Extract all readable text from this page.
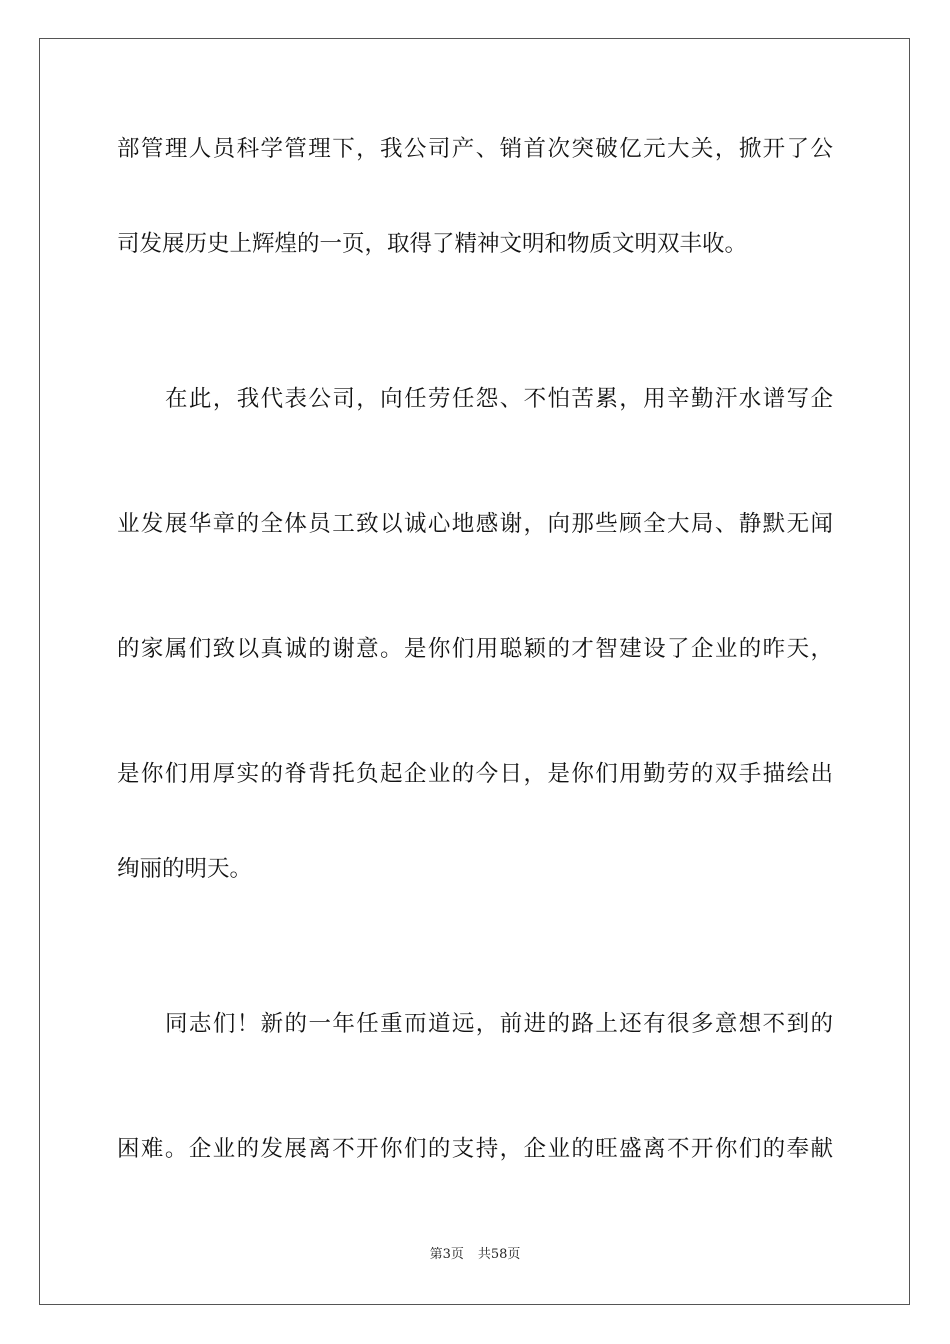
部管理人员科学管理下，我公司产、销首次突破亿元大关，掀开了公
司发展历史上辉煌的一页，取得了精神文明和物质文明双丰收。
在此，我代表公司，向任劳任怨、不怕苦累，用辛勤汗水谱写企
业发展华章的全体员工致以诚心地感谢，向那些顾全大局、静默无闻
的家属们致以真诚的谢意。是你们用聪颖的才智建设了企业的昨天，
是你们用厚实的脊背托负起企业的今日，是你们用勤劳的双手描绘出
绚丽的明天。
同志们！新的一年任重而道远，前进的路上还有很多意想不到的
困难。企业的发展离不开你们的支持，企业的旺盛离不开你们的奉献
第3页 共58页
